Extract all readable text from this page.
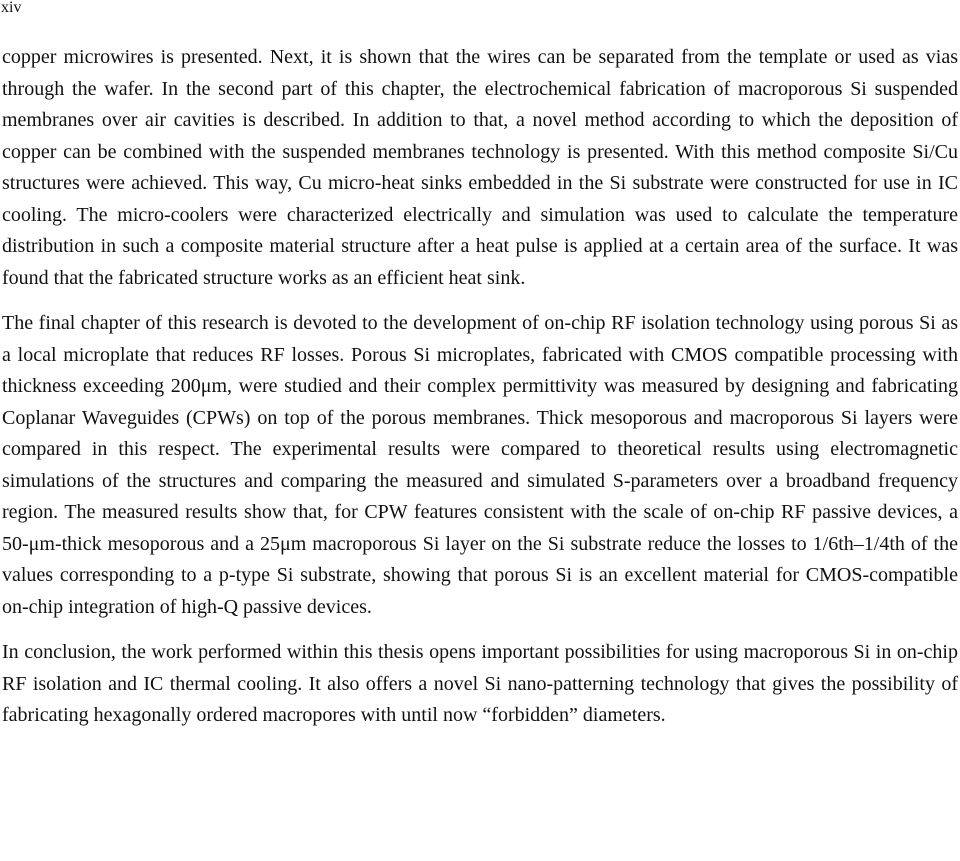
xiv

copper microwires is presented. Next, it is shown that the wires can be separated from the template or used as vias through the wafer. In the second part of this chapter, the electrochemical fabrication of macroporous Si suspended membranes over air cavities is described. In addition to that, a novel method according to which the deposition of copper can be combined with the suspended membranes technology is presented. With this method composite Si/Cu structures were achieved. This way, Cu micro-heat sinks embedded in the Si substrate were constructed for use in IC cooling. The micro-coolers were characterized electrically and simulation was used to calculate the temperature distribution in such a composite material structure after a heat pulse is applied at a certain area of the surface. It was found that the fabricated structure works as an efficient heat sink.

The final chapter of this research is devoted to the development of on-chip RF isolation technology using porous Si as a local microplate that reduces RF losses. Porous Si microplates, fabricated with CMOS compatible processing with thickness exceeding 200μm, were studied and their complex permittivity was measured by designing and fabricating Coplanar Waveguides (CPWs) on top of the porous membranes. Thick mesoporous and macroporous Si layers were compared in this respect. The experimental results were compared to theoretical results using electromagnetic simulations of the structures and comparing the measured and simulated S-parameters over a broadband frequency region. The measured results show that, for CPW features consistent with the scale of on-chip RF passive devices, a 50-μm-thick mesoporous and a 25μm macroporous Si layer on the Si substrate reduce the losses to 1/6th–1/4th of the values corresponding to a p-type Si substrate, showing that porous Si is an excellent material for CMOS-compatible on-chip integration of high-Q passive devices.

In conclusion, the work performed within this thesis opens important possibilities for using macroporous Si in on-chip RF isolation and IC thermal cooling. It also offers a novel Si nano-patterning technology that gives the possibility of fabricating hexagonally ordered macropores with until now “forbidden” diameters.
